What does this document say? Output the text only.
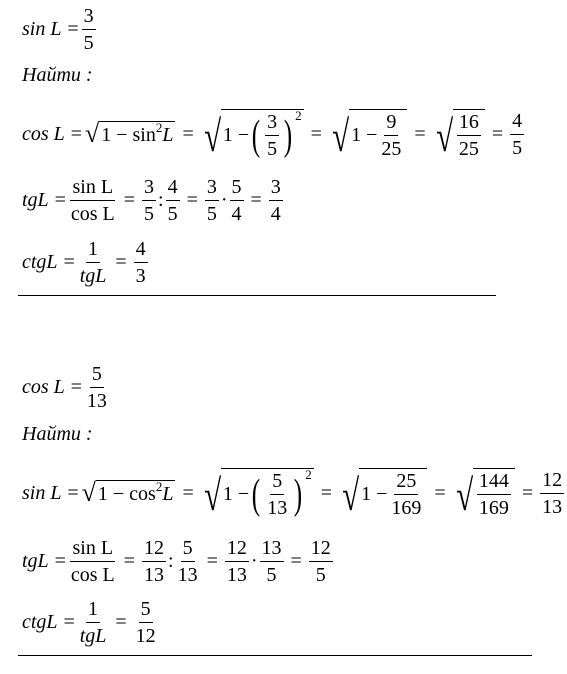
$\sin L = \frac{3}{5}$
Найти :
cos L = √ $1 - \sin^2 L$ = √ 1 − ( $\frac{3}{5}$ ) 2
= √ $1 - \frac{9}{25}$ = √ $\frac{16}{25} = \frac{4}{5}$
tgL = $\frac{\text{sin L}}{\text{cos L}} = \frac{3}{5}$ : $\frac{4}{5} = \frac{3}{5} \cdot \frac{5}{4} = \frac{3}{4}$
ctgL = $\frac{1}{\text{tgL}} = \frac{4}{3}$
$\cos L = \frac{5}{13}$
Найти :
sin L = √ $1 - \cos^2 L$ = √ 1 − ( $\frac{5}{13}$ ) 2
= √ $1 - \frac{25}{169}$ = √ $\frac{144}{169} = \frac{12}{13}$
tgL = $\frac{\text{sin L}}{\text{cos L}} = \frac{12}{13}$ : $\frac{5}{13} = \frac{12}{13} \cdot \frac{13}{5} = \frac{12}{5}$
ctgL = $\frac{1}{\text{tgL}} = \frac{5}{12}$
